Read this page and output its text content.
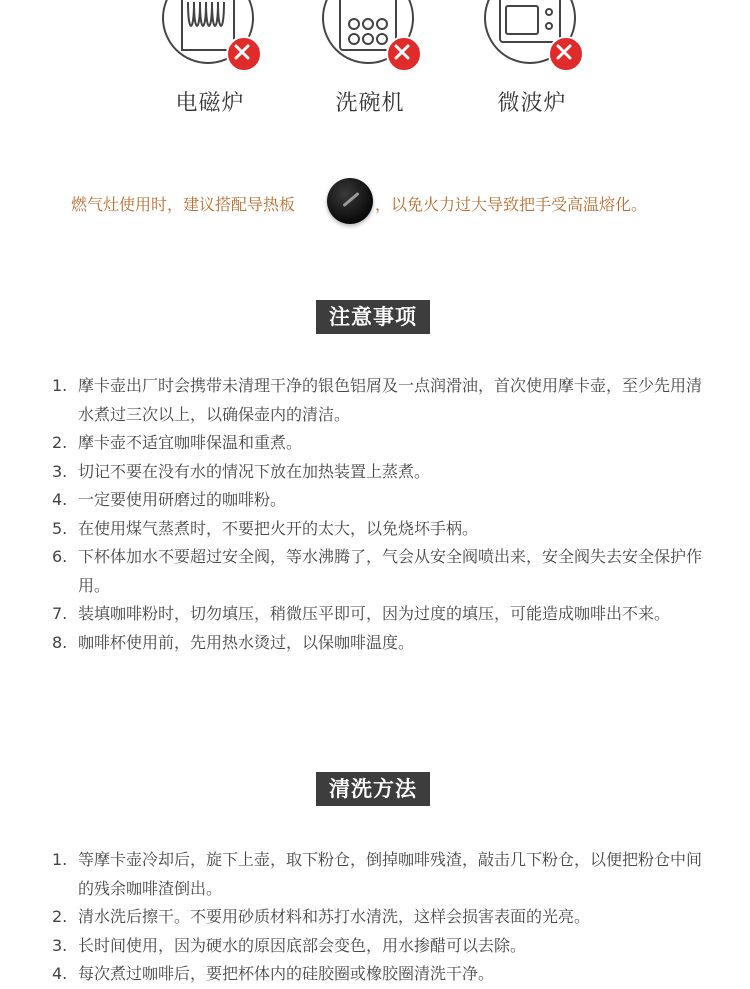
电磁炉	洗碗机	微波炉
燃气灶使用时，建议搭配导热板	，以免火力过大导致把手受高温熔化。
注意事项
1. 摩卡壶出厂时会携带未清理干净的银色铝屑及一点润滑油，首次使用摩卡壶，至少先用清水煮过三次以上，以确保壶内的清洁。
2. 摩卡壶不适宜咖啡保温和重煮。
3. 切记不要在没有水的情况下放在加热装置上蒸煮。
4. 一定要使用研磨过的咖啡粉。
5. 在使用煤气蒸煮时，不要把火开的太大，以免烧坏手柄。
6. 下杯体加水不要超过安全阀，等水沸腾了，气会从安全阀喷出来，安全阀失去安全保护作用。
7. 装填咖啡粉时，切勿填压，稍微压平即可，因为过度的填压，可能造成咖啡出不来。
8. 咖啡杯使用前，先用热水烫过，以保咖啡温度。
清洗方法
1. 等摩卡壶冷却后，旋下上壶，取下粉仓，倒掉咖啡残渣，敲击几下粉仓，以便把粉仓中间的残余咖啡渣倒出。
2. 清水洗后擦干。不要用砂质材料和苏打水清洗，这样会损害表面的光亮。
3. 长时间使用，因为硬水的原因底部会变色，用水掺醋可以去除。
4. 每次煮过咖啡后，要把杯体内的硅胶圈或橡胶圈清洗干净。
